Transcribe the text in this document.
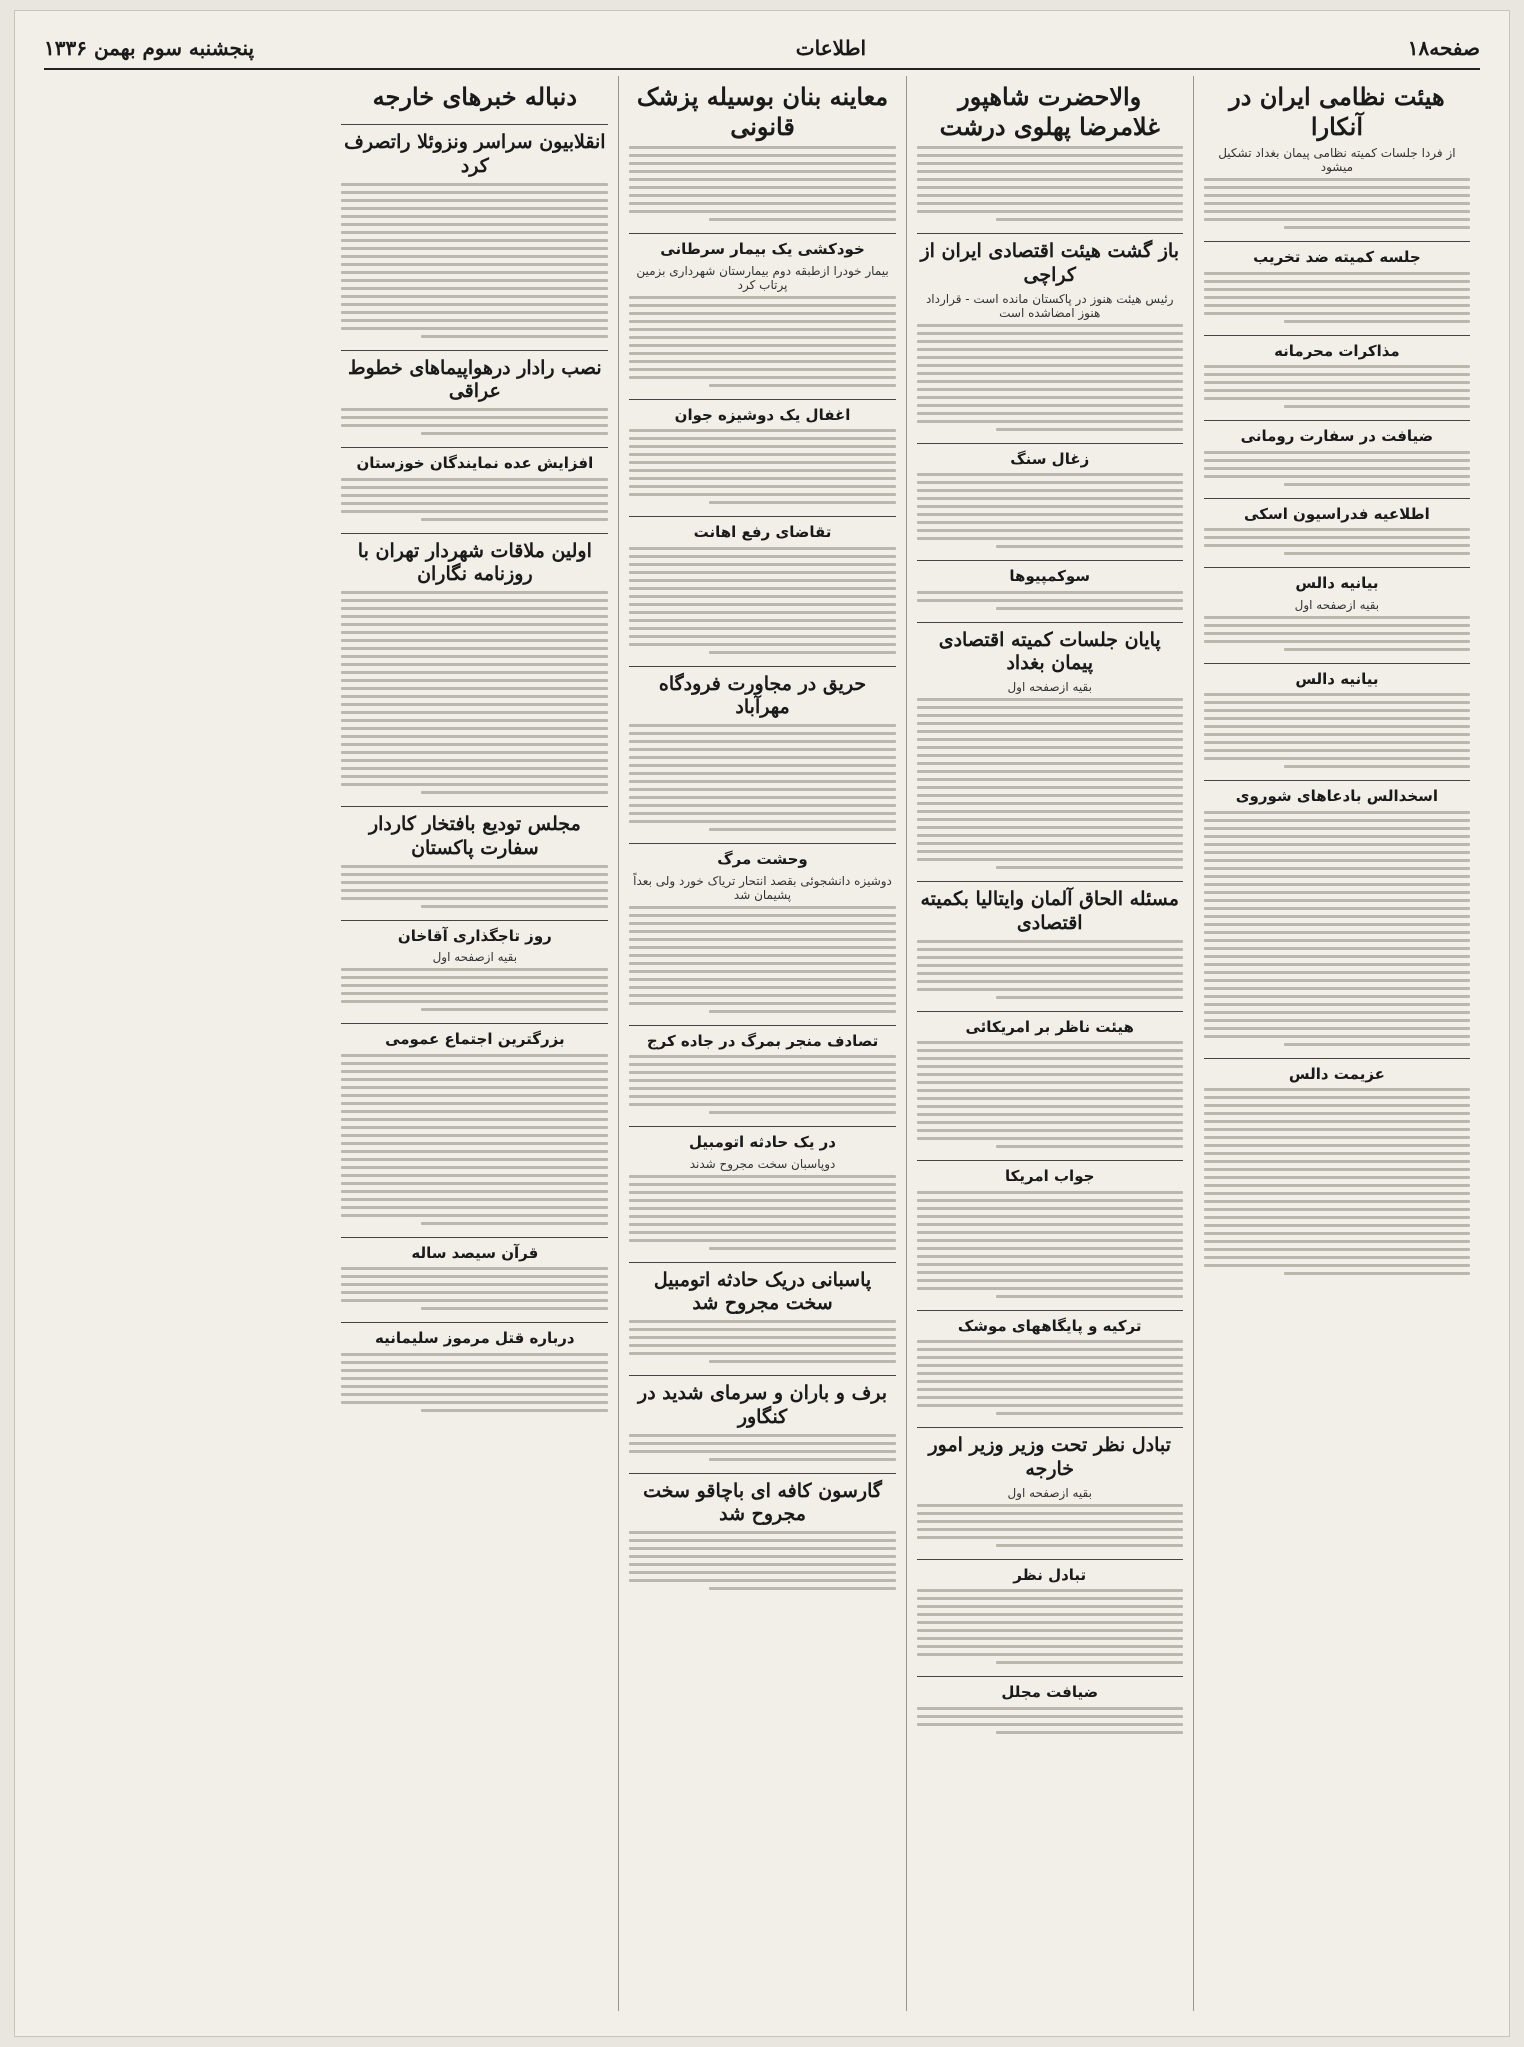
صفحه۱۸
اطلاعات
پنجشنبه سوم بهمن ۱۳۳۶
هیئت نظامی ایران در آنکارا
از فردا جلسات کمیته نظامی پیمان بغداد تشکیل میشود
جلسه کمیته ضد تخریب
مذاکرات محرمانه
ضیافت در سفارت رومانی
اطلاعیه فدراسیون اسکی
بیانیه دالس
بقیه ازصفحه اول
بیانیه دالس
اسخدالس بادعاهای شوروی
عزیمت دالس
والاحضرت شاهپور غلامرضا پهلوی درشت
باز گشت هیئت اقتصادی ایران از کراچی
رئیس هیئت هنوز در پاکستان مانده است - قرارداد هنوز امضاشده است
زغال سنگ
سوکمپیوها
پایان جلسات کمیته اقتصادی پیمان بغداد
بقیه ازصفحه اول
مسئله الحاق آلمان وایتالیا بکمیته اقتصادی
هیئت ناظر بر امریکائی
جواب امریکا
ترکیه و پایگاههای موشک
تبادل نظر تحت وزیر وزیر امور خارجه
بقیه ازصفحه اول
تبادل نظر
ضیافت مجلل
معاینه بنان بوسیله پزشک قانونی
خودکشی یک بیمار سرطانی
بیمار خودرا ازطبقه دوم بیمارستان شهرداری بزمین پرتاب کرد
اغفال یک دوشیزه جوان
تقاضای رفع اهانت
حریق در مجاورت فرودگاه مهرآباد
وحشت مرگ
دوشیزه دانشجوئی بقصد انتحار تریاک خورد ولی بعداً پشیمان شد
تصادف منجر بمرگ در جاده کرج
در یک حادثه اتومبیل
دوپاسبان سخت مجروح شدند
پاسبانی دریک حادثه اتومبیل سخت مجروح شد
برف و باران و سرمای شدید در کنگاور
گارسون کافه ای باچاقو سخت مجروح شد
دنباله خبرهای خارجه
انقلابیون سراسر ونزوئلا راتصرف کرد
نصب رادار درهواپیماهای خطوط عراقی
افزایش عده نمایندگان خوزستان
اولین ملاقات شهردار تهران با روزنامه نگاران
مجلس تودیع بافتخار کاردار سفارت پاکستان
روز تاجگذاری آقاخان
بقیه ازصفحه اول
بزرگترین اجتماع عمومی
قرآن سیصد ساله
درباره قتل مرموز سلیمانیه
